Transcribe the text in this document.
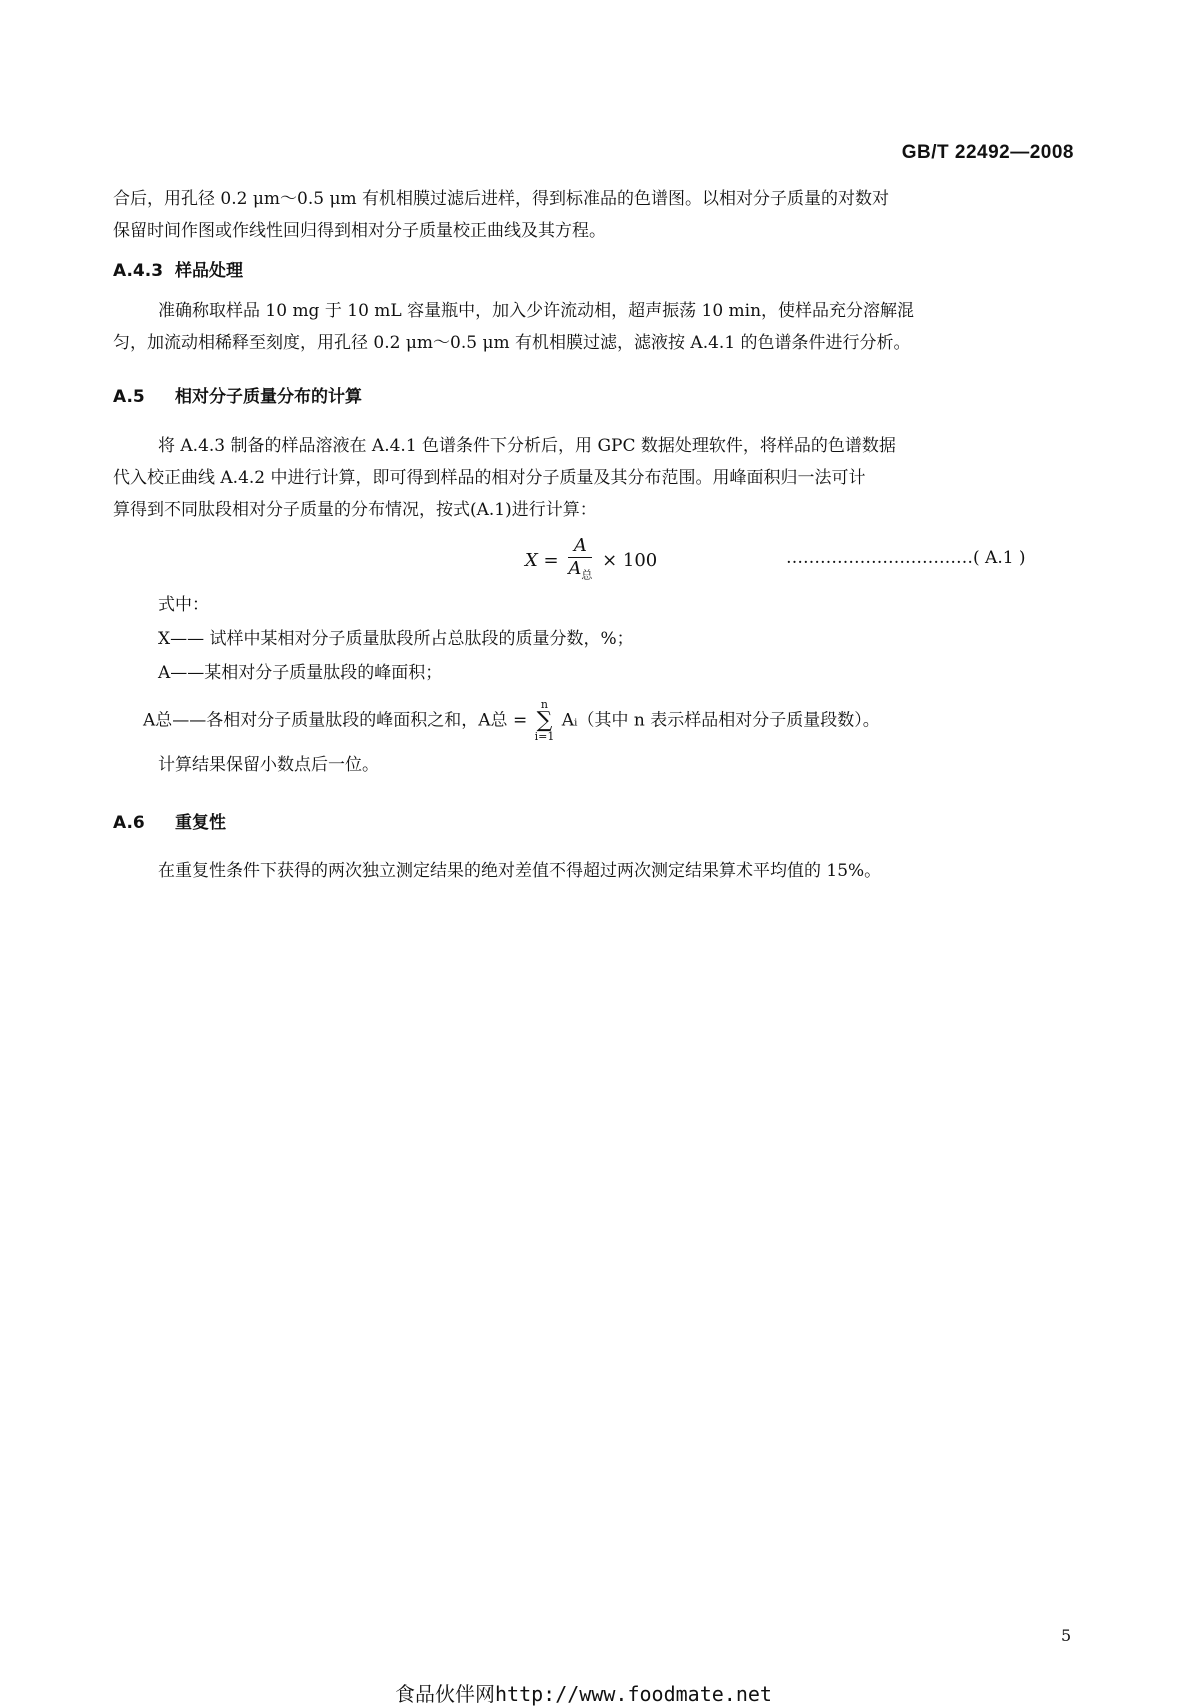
GB/T 22492—2008
合后，用孔径 0.2 μm～0.5 μm 有机相膜过滤后进样，得到标准品的色谱图。以相对分子质量的对数对
保留时间作图或作线性回归得到相对分子质量校正曲线及其方程。
A.4.3 样品处理
准确称取样品 10 mg 于 10 mL 容量瓶中，加入少许流动相，超声振荡 10 min，使样品充分溶解混
匀，加流动相稀释至刻度，用孔径 0.2 μm～0.5 μm 有机相膜过滤，滤液按 A.4.1 的色谱条件进行分析。
A.5 相对分子质量分布的计算
将 A.4.3 制备的样品溶液在 A.4.1 色谱条件下分析后，用 GPC 数据处理软件，将样品的色谱数据
代入校正曲线 A.4.2 中进行计算，即可得到样品的相对分子质量及其分布范围。用峰面积归一法可计
算得到不同肽段相对分子质量的分布情况，按式(A.1)进行计算：
$X = \frac{A}{A_总} \times 100$	……………………………( A.1 )
式中：
X—— 试样中某相对分子质量肽段所占总肽段的质量分数，%；
A——某相对分子质量肽段的峰面积；
A总——各相对分子质量肽段的峰面积之和，A总 = n
∑
i=1 Aᵢ（其中 n 表示样品相对分子质量段数）。
计算结果保留小数点后一位。
A.6 重复性
在重复性条件下获得的两次独立测定结果的绝对差值不得超过两次测定结果算术平均值的 15%。
5
食品伙伴网http://www.foodmate.net
